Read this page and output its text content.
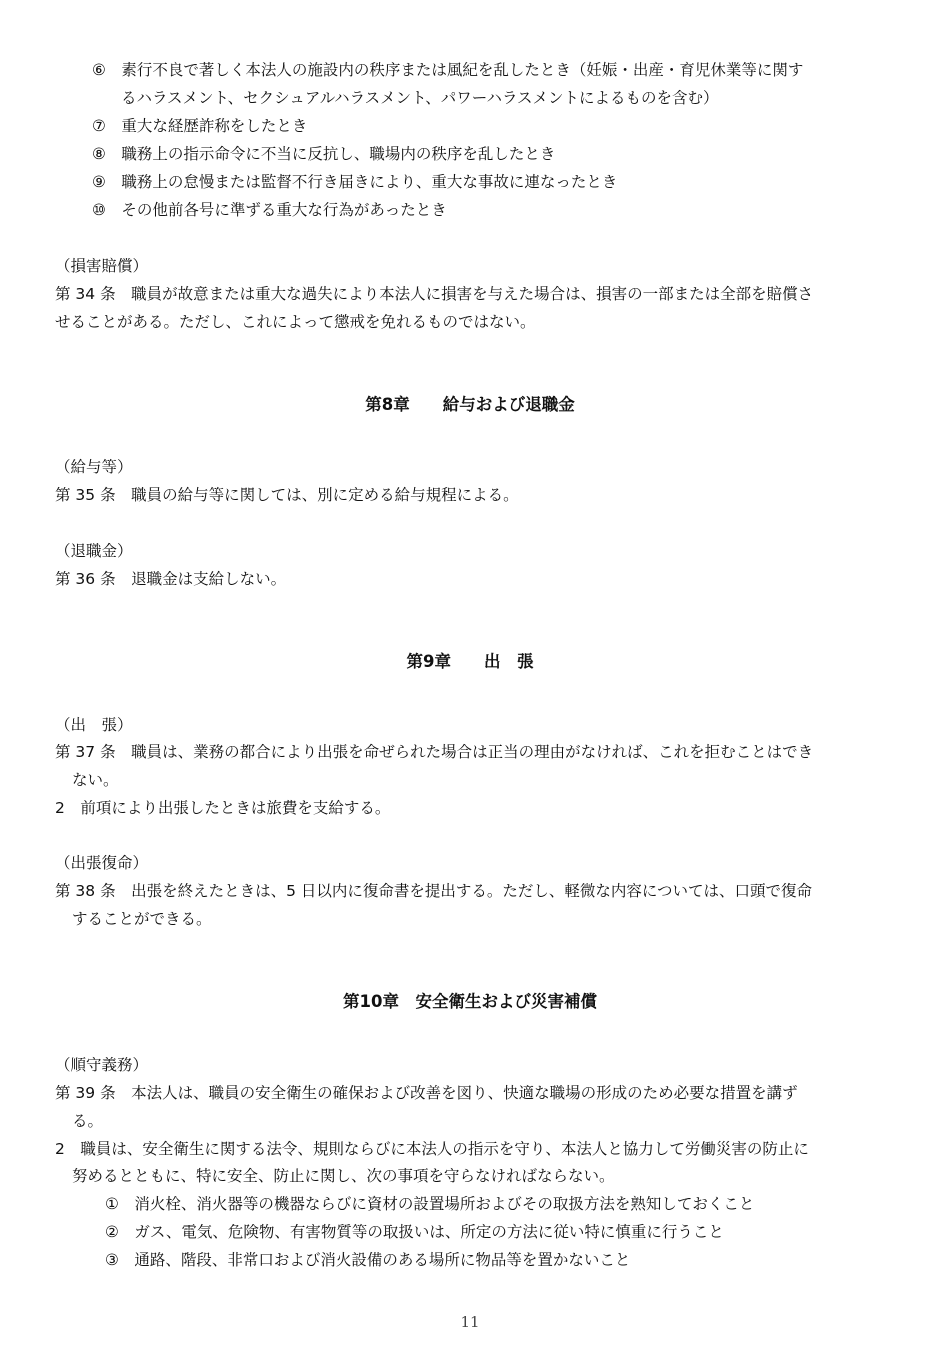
⑥　素行不良で著しく本法人の施設内の秩序または風紀を乱したとき（妊娠・出産・育児休業等に関す
るハラスメント、セクシュアルハラスメント、パワーハラスメントによるものを含む）
⑦　重大な経歴詐称をしたとき
⑧　職務上の指示命令に不当に反抗し、職場内の秩序を乱したとき
⑨　職務上の怠慢または監督不行き届きにより、重大な事故に連なったとき
⑩　その他前各号に準ずる重大な行為があったとき
（損害賠償）
第 34 条　職員が故意または重大な過失により本法人に損害を与えた場合は、損害の一部または全部を賠償さ
せることがある。ただし、これによって懲戒を免れるものではない。
第8章　　給与および退職金
（給与等）
第 35 条　職員の給与等に関しては、別に定める給与規程による。
（退職金）
第 36 条　退職金は支給しない。
第9章　　出　張
（出　張）
第 37 条　職員は、業務の都合により出張を命ぜられた場合は正当の理由がなければ、これを拒むことはでき
ない。
2　前項により出張したときは旅費を支給する。
（出張復命）
第 38 条　出張を終えたときは、5 日以内に復命書を提出する。ただし、軽微な内容については、口頭で復命
することができる。
第10章　安全衛生および災害補償
（順守義務）
第 39 条　本法人は、職員の安全衛生の確保および改善を図り、快適な職場の形成のため必要な措置を講ず
る。
2　職員は、安全衛生に関する法令、規則ならびに本法人の指示を守り、本法人と協力して労働災害の防止に
努めるとともに、特に安全、防止に関し、次の事項を守らなければならない。
①　消火栓、消火器等の機器ならびに資材の設置場所およびその取扱方法を熟知しておくこと
②　ガス、電気、危険物、有害物質等の取扱いは、所定の方法に従い特に慎重に行うこと
③　通路、階段、非常口および消火設備のある場所に物品等を置かないこと
11
